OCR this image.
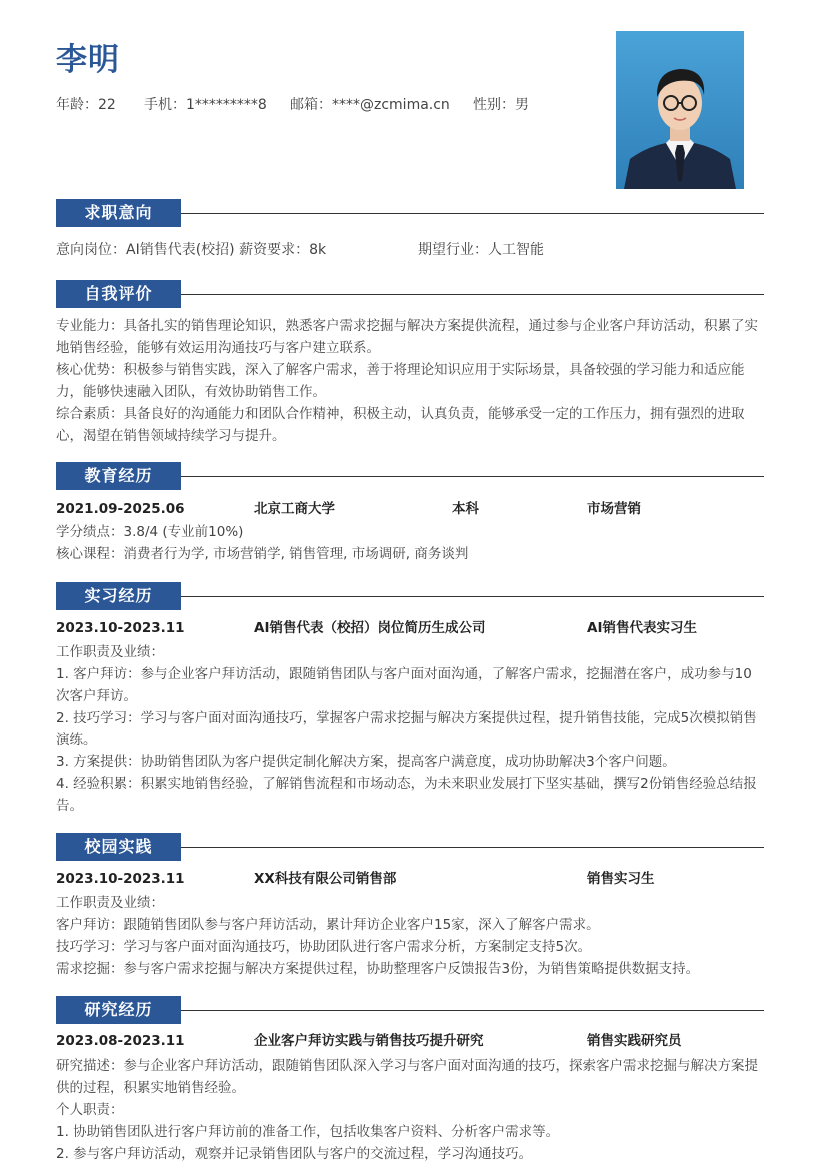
李明
年龄：22 手机：1*********8 邮箱：****@zcmima.cn 性别：男
求职意向
意向岗位：AI销售代表(校招) 薪资要求：8k	期望行业：人工智能
自我评价
专业能力：具备扎实的销售理论知识，熟悉客户需求挖掘与解决方案提供流程，通过参与企业客户拜访活动，积累了实地销售经验，能够有效运用沟通技巧与客户建立联系。
核心优势：积极参与销售实践，深入了解客户需求，善于将理论知识应用于实际场景，具备较强的学习能力和适应能力，能够快速融入团队，有效协助销售工作。
综合素质：具备良好的沟通能力和团队合作精神，积极主动，认真负责，能够承受一定的工作压力，拥有强烈的进取心，渴望在销售领域持续学习与提升。
教育经历
2021.09-2025.06	北京工商大学	本科	市场营销
学分绩点：3.8/4 (专业前10%)
核心课程：消费者行为学, 市场营销学, 销售管理, 市场调研, 商务谈判
实习经历
2023.10-2023.11	AI销售代表（校招）岗位简历生成公司	AI销售代表实习生
工作职责及业绩：
1. 客户拜访：参与企业客户拜访活动，跟随销售团队与客户面对面沟通，了解客户需求，挖掘潜在客户，成功参与10次客户拜访。
2. 技巧学习：学习与客户面对面沟通技巧，掌握客户需求挖掘与解决方案提供过程，提升销售技能，完成5次模拟销售演练。
3. 方案提供：协助销售团队为客户提供定制化解决方案，提高客户满意度，成功协助解决3个客户问题。
4. 经验积累：积累实地销售经验，了解销售流程和市场动态，为未来职业发展打下坚实基础，撰写2份销售经验总结报告。
校园实践
2023.10-2023.11	XX科技有限公司销售部	销售实习生
工作职责及业绩：
客户拜访：跟随销售团队参与客户拜访活动，累计拜访企业客户15家，深入了解客户需求。
技巧学习：学习与客户面对面沟通技巧，协助团队进行客户需求分析，方案制定支持5次。
需求挖掘：参与客户需求挖掘与解决方案提供过程，协助整理客户反馈报告3份，为销售策略提供数据支持。
研究经历
2023.08-2023.11	企业客户拜访实践与销售技巧提升研究	销售实践研究员
研究描述：参与企业客户拜访活动，跟随销售团队深入学习与客户面对面沟通的技巧，探索客户需求挖掘与解决方案提供的过程，积累实地销售经验。
个人职责：
1. 协助销售团队进行客户拜访前的准备工作，包括收集客户资料、分析客户需求等。
2. 参与客户拜访活动，观察并记录销售团队与客户的交流过程，学习沟通技巧。
